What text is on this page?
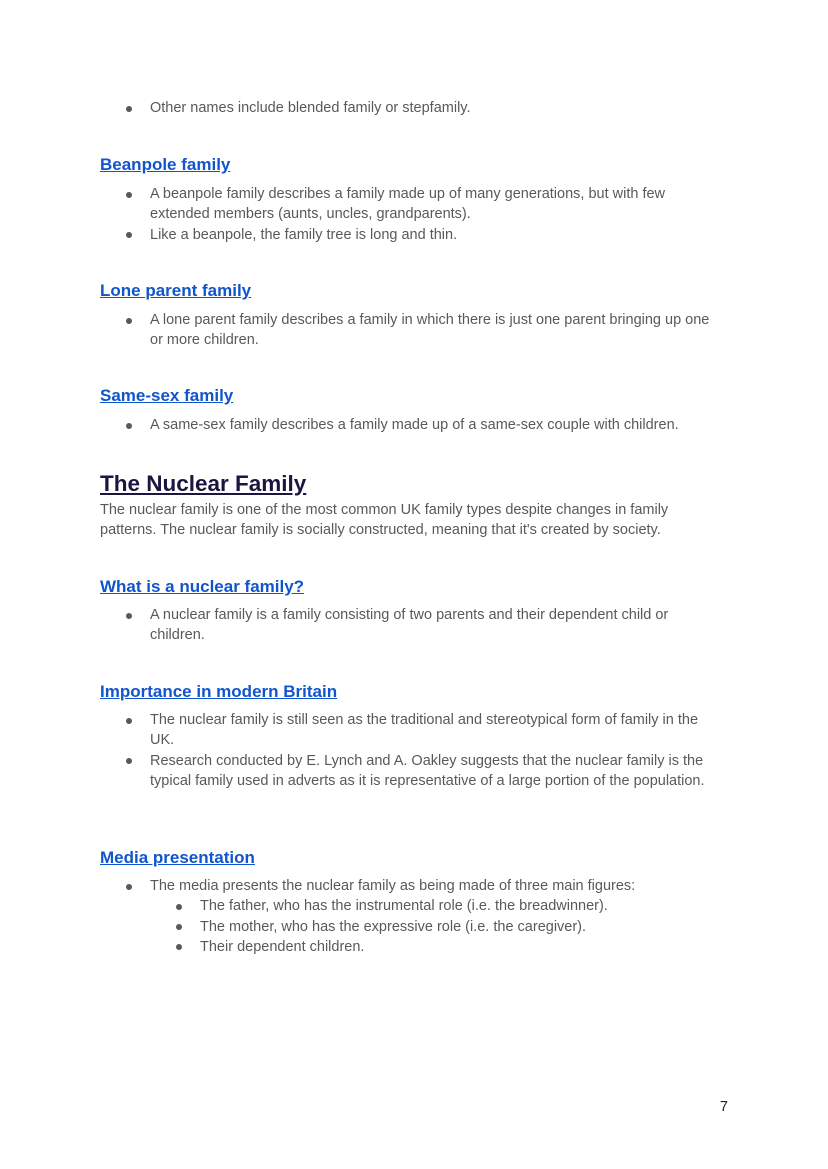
Other names include blended family or stepfamily.
Beanpole family
A beanpole family describes a family made up of many generations, but with few extended members (aunts, uncles, grandparents).
Like a beanpole, the family tree is long and thin.
Lone parent family
A lone parent family describes a family in which there is just one parent bringing up one or more children.
Same-sex family
A same-sex family describes a family made up of a same-sex couple with children.
The Nuclear Family
The nuclear family is one of the most common UK family types despite changes in family patterns. The nuclear family is socially constructed, meaning that it's created by society.
What is a nuclear family?
A nuclear family is a family consisting of two parents and their dependent child or children.
Importance in modern Britain
The nuclear family is still seen as the traditional and stereotypical form of family in the UK.
Research conducted by E. Lynch and A. Oakley suggests that the nuclear family is the typical family used in adverts as it is representative of a large portion of the population.
Media presentation
The media presents the nuclear family as being made of three main figures:
The father, who has the instrumental role (i.e. the breadwinner).
The mother, who has the expressive role (i.e. the caregiver).
Their dependent children.
7
